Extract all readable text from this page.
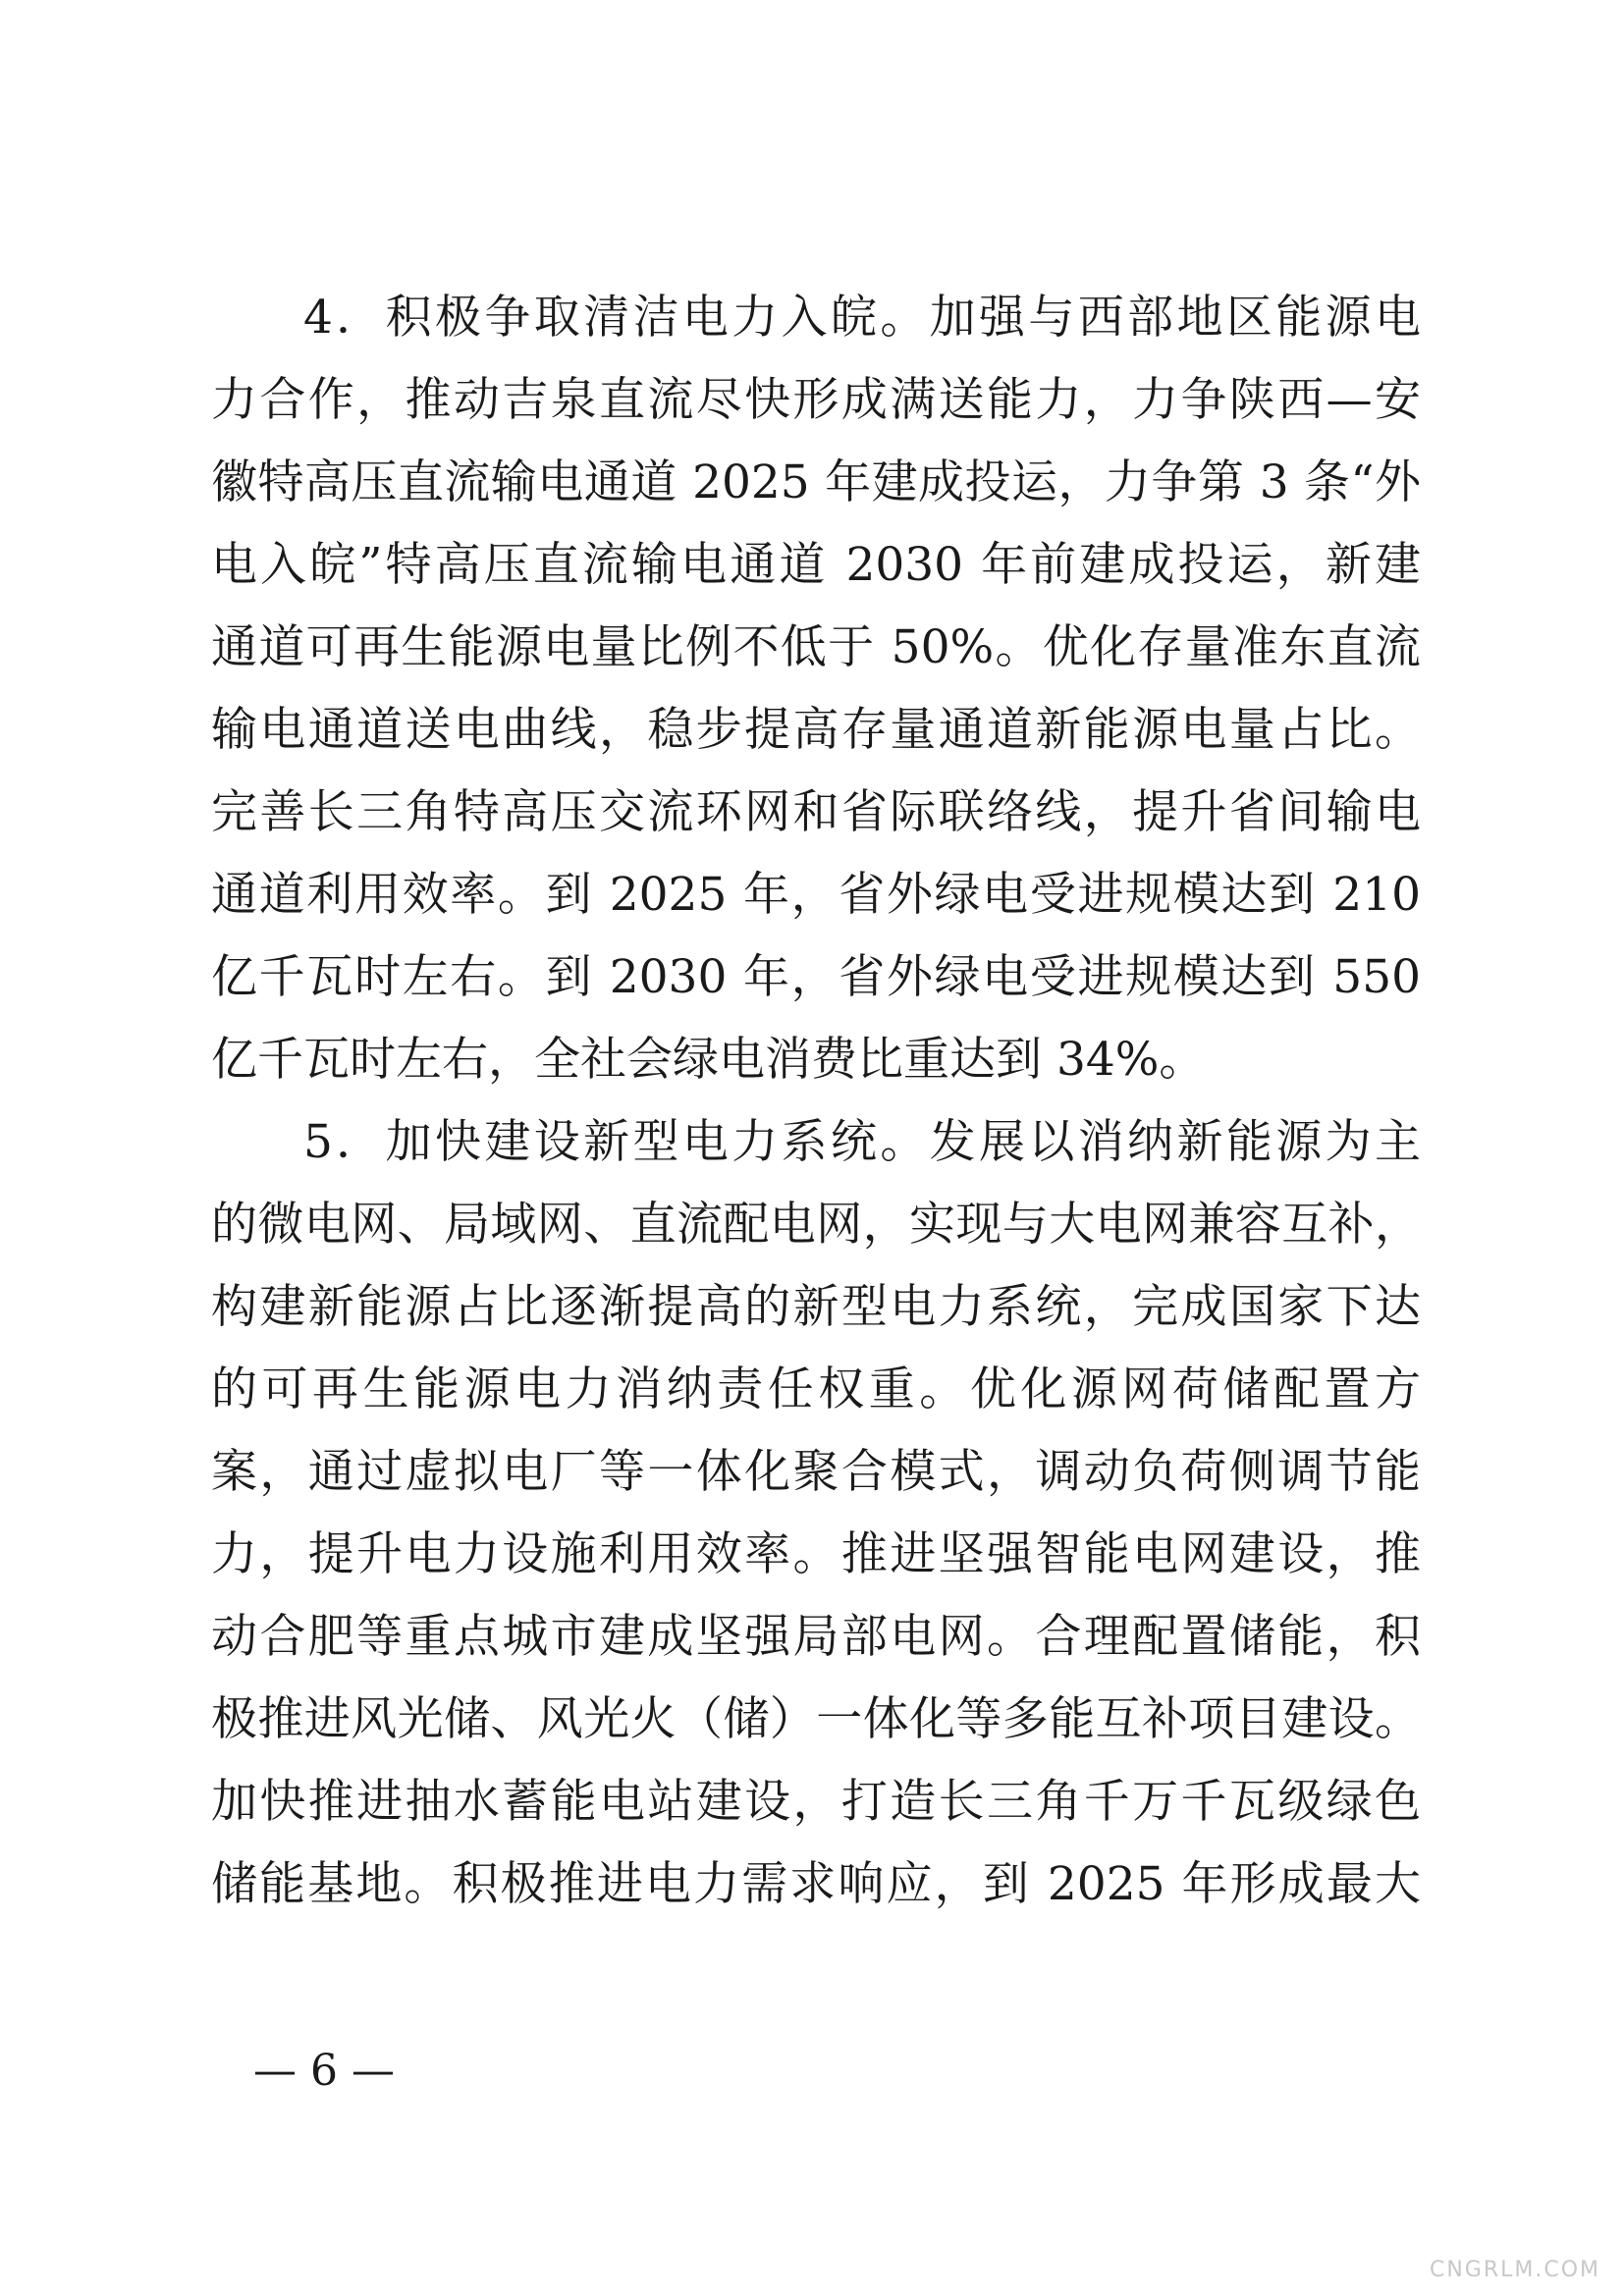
4．积极争取清洁电力入皖。加强与西部地区能源电
力合作，推动吉泉直流尽快形成满送能力，力争陕西—安
徽特高压直流输电通道 2025 年建成投运，力争第 3 条“外
电入皖”特高压直流输电通道 2030 年前建成投运，新建
通道可再生能源电量比例不低于 50%。优化存量准东直流
输电通道送电曲线，稳步提高存量通道新能源电量占比。
完善长三角特高压交流环网和省际联络线，提升省间输电
通道利用效率。到 2025 年，省外绿电受进规模达到 210
亿千瓦时左右。到 2030 年，省外绿电受进规模达到 550
亿千瓦时左右，全社会绿电消费比重达到 34%。
5．加快建设新型电力系统。发展以消纳新能源为主
的微电网、局域网、直流配电网，实现与大电网兼容互补，
构建新能源占比逐渐提高的新型电力系统，完成国家下达
的可再生能源电力消纳责任权重。优化源网荷储配置方
案，通过虚拟电厂等一体化聚合模式，调动负荷侧调节能
力，提升电力设施利用效率。推进坚强智能电网建设，推
动合肥等重点城市建成坚强局部电网。合理配置储能，积
极推进风光储、风光火（储）一体化等多能互补项目建设。
加快推进抽水蓄能电站建设，打造长三角千万千瓦级绿色
储能基地。积极推进电力需求响应，到 2025 年形成最大
— 6 —
CNGRLM.COM
